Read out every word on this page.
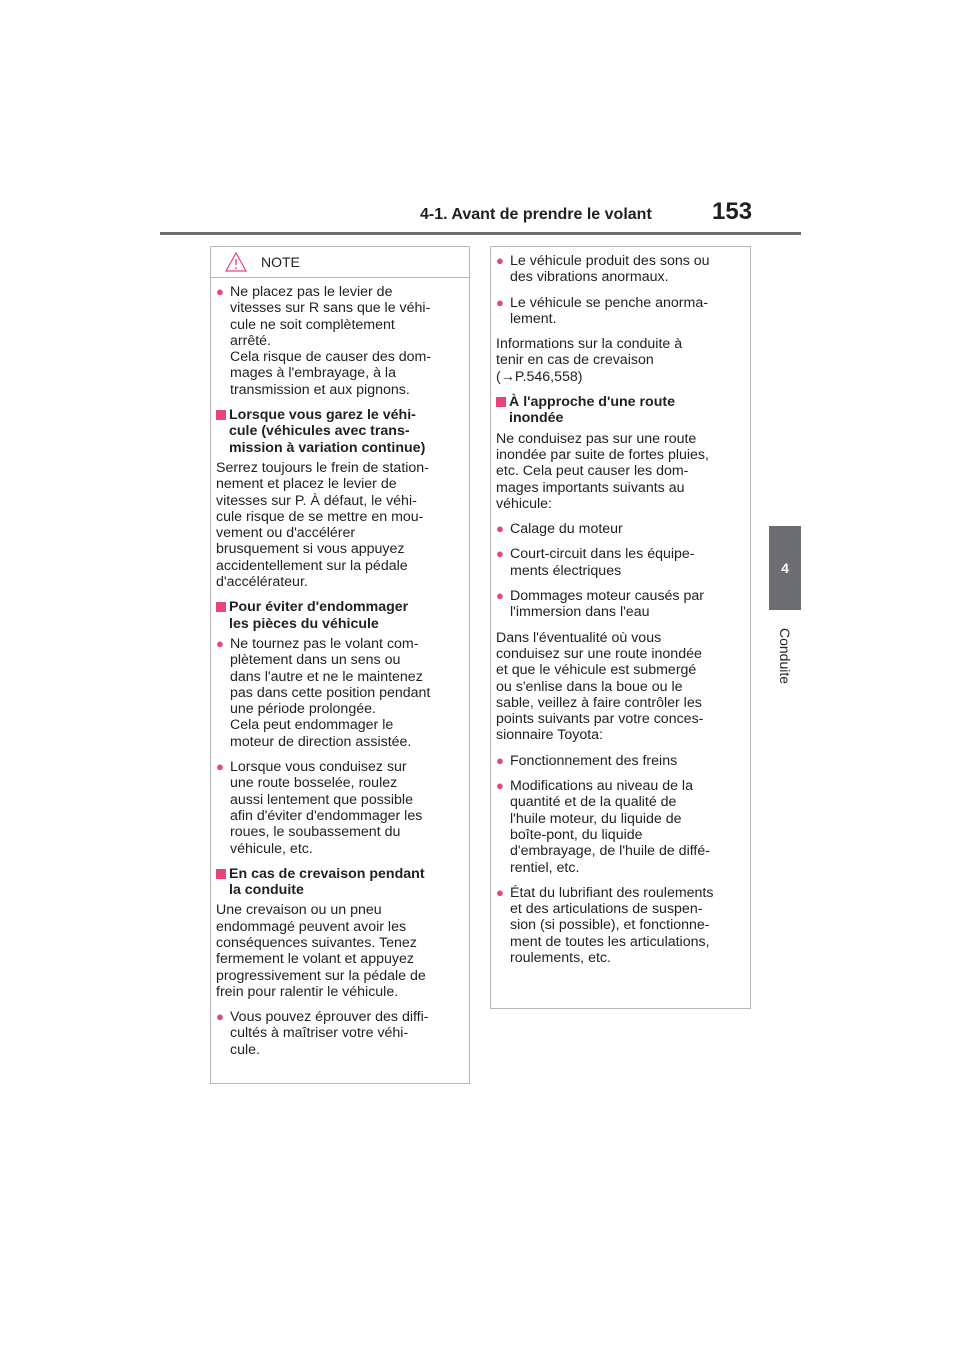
4-1. Avant de prendre le volant	153
4
Conduite
NOTE
● Ne placez pas le levier de
vitesses sur R sans que le véhi-
cule ne soit complètement
arrêté.
Cela risque de causer des dom-
mages à l'embrayage, à la
transmission et aux pignons.
Lorsque vous garez le véhi-
cule (véhicules avec trans-
mission à variation continue)
Serrez toujours le frein de station-
nement et placez le levier de
vitesses sur P. À défaut, le véhi-
cule risque de se mettre en mou-
vement ou d'accélérer
brusquement si vous appuyez
accidentellement sur la pédale
d'accélérateur.
Pour éviter d'endommager
les pièces du véhicule
● Ne tournez pas le volant com-
plètement dans un sens ou
dans l'autre et ne le maintenez
pas dans cette position pendant
une période prolongée.
Cela peut endommager le
moteur de direction assistée.
● Lorsque vous conduisez sur
une route bosselée, roulez
aussi lentement que possible
afin d'éviter d'endommager les
roues, le soubassement du
véhicule, etc.
En cas de crevaison pendant
la conduite
Une crevaison ou un pneu
endommagé peuvent avoir les
conséquences suivantes. Tenez
fermement le volant et appuyez
progressivement sur la pédale de
frein pour ralentir le véhicule.
● Vous pouvez éprouver des diffi-
cultés à maîtriser votre véhi-
cule.
● Le véhicule produit des sons ou
des vibrations anormaux.
● Le véhicule se penche anorma-
lement.
Informations sur la conduite à
tenir en cas de crevaison
(→P.546,558)
À l'approche d'une route
inondée
Ne conduisez pas sur une route
inondée par suite de fortes pluies,
etc. Cela peut causer les dom-
mages importants suivants au
véhicule:
● Calage du moteur
● Court-circuit dans les équipe-
ments électriques
● Dommages moteur causés par
l'immersion dans l'eau
Dans l'éventualité où vous
conduisez sur une route inondée
et que le véhicule est submergé
ou s'enlise dans la boue ou le
sable, veillez à faire contrôler les
points suivants par votre conces-
sionnaire Toyota:
● Fonctionnement des freins
● Modifications au niveau de la
quantité et de la qualité de
l'huile moteur, du liquide de
boîte-pont, du liquide
d'embrayage, de l'huile de diffé-
rentiel, etc.
● État du lubrifiant des roulements
et des articulations de suspen-
sion (si possible), et fonctionne-
ment de toutes les articulations,
roulements, etc.
